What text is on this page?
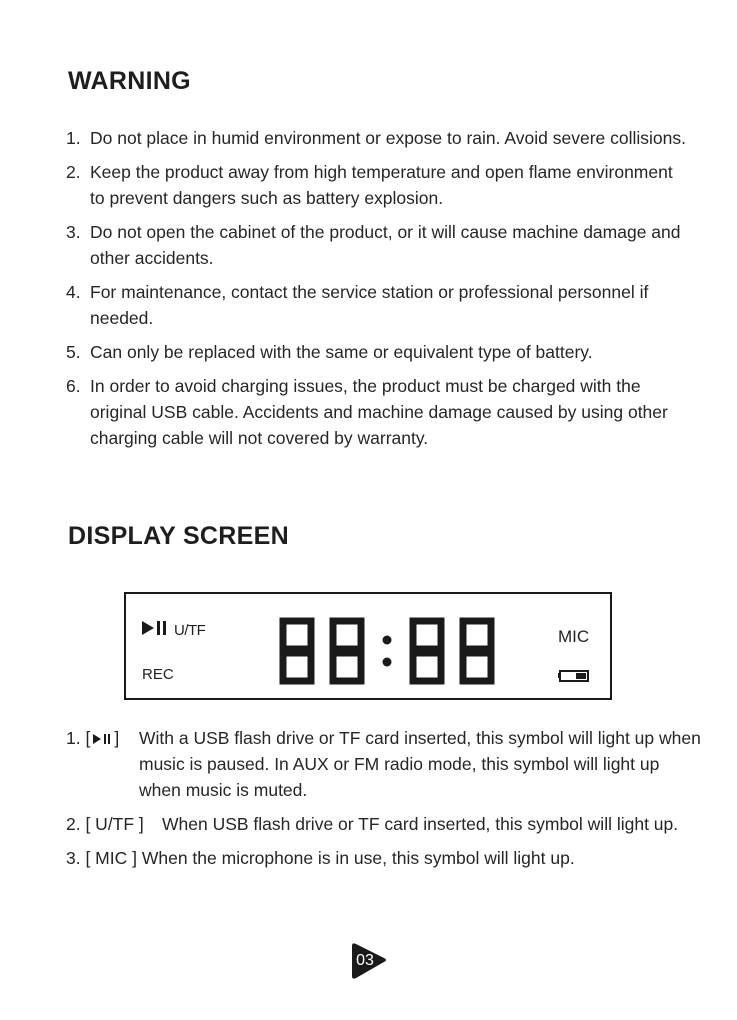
WARNING
1. Do not place in humid environment or expose to rain. Avoid severe collisions.
2. Keep the product away from high temperature and open flame environment to prevent dangers such as battery explosion.
3. Do not open the cabinet of the product, or it will cause machine damage and other accidents.
4. For maintenance, contact the service station or professional personnel if needed.
5. Can only be replaced with the same or equivalent type of battery.
6. In order to avoid charging issues, the product must be charged with the original USB cable. Accidents and machine damage caused by using other charging cable will not covered by warranty.
DISPLAY SCREEN
U/TF
REC
MIC
1. [ ] With a USB flash drive or TF card inserted, this symbol will light up when music is paused. In AUX or FM radio mode, this symbol will light up when music is muted.
2. [ U/TF ] When USB flash drive or TF card inserted, this symbol will light up.
3. [ MIC ] When the microphone is in use, this symbol will light up.
03
